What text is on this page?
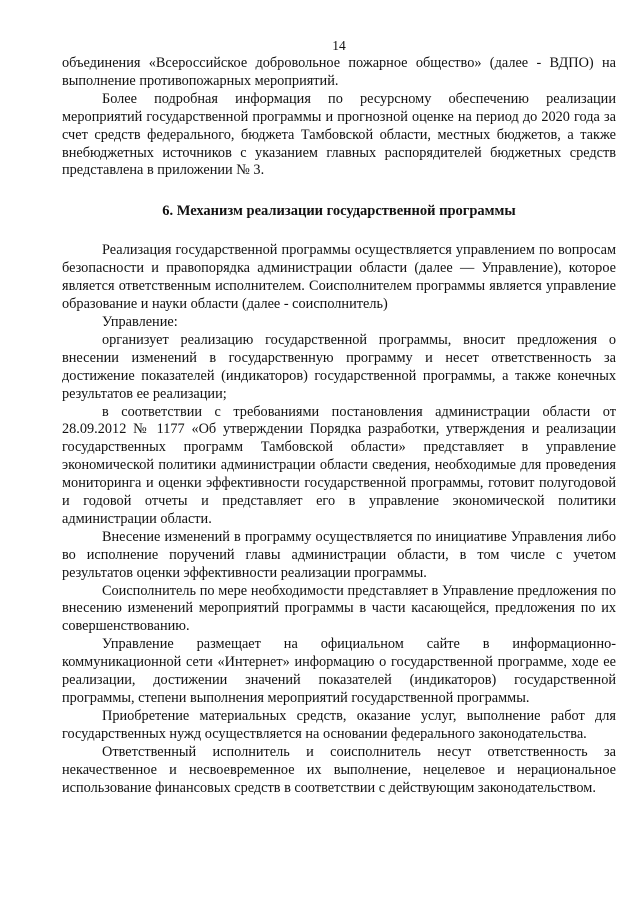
14

объединения «Всероссийское добровольное пожарное общество» (далее - ВДПО) на выполнение противопожарных мероприятий.

Более подробная информация по ресурсному обеспечению реализации мероприятий государственной программы и прогнозной оценке на период до 2020 года за счет средств федерального, бюджета Тамбовской области, местных бюджетов, а также внебюджетных источников с указанием главных распорядителей бюджетных средств представлена в приложении № 3.

6. Механизм реализации государственной программы

Реализация государственной программы осуществляется управлением по вопросам безопасности и правопорядка администрации области (далее — Управление), которое является ответственным исполнителем. Соисполнителем программы является управление образование и науки области (далее - соисполнитель)

Управление:

организует реализацию государственной программы, вносит предложения о внесении изменений в государственную программу и несет ответственность за достижение показателей (индикаторов) государственной программы, а также конечных результатов ее реализации;

в соответствии с требованиями постановления администрации области от 28.09.2012 № 1177 «Об утверждении Порядка разработки, утверждения и реализации государственных программ Тамбовской области» представляет в управление экономической политики администрации области сведения, необходимые для проведения мониторинга и оценки эффективности государственной программы, готовит полугодовой и годовой отчеты и представляет его в управление экономической политики администрации области.

Внесение изменений в программу осуществляется по инициативе Управления либо во исполнение поручений главы администрации области, в том числе с учетом результатов оценки эффективности реализации программы.

Соисполнитель по мере необходимости представляет в Управление предложения по внесению изменений мероприятий программы в части касающейся, предложения по их совершенствованию.

Управление размещает на официальном сайте в информационно-коммуникационной сети «Интернет» информацию о государственной программе, ходе ее реализации, достижении значений показателей (индикаторов) государственной программы, степени выполнения мероприятий государственной программы.

Приобретение материальных средств, оказание услуг, выполнение работ для государственных нужд осуществляется на основании федерального законодательства.

Ответственный исполнитель и соисполнитель несут ответственность за некачественное и несвоевременное их выполнение, нецелевое и нерациональное использование финансовых средств в соответствии с действующим законодательством.
